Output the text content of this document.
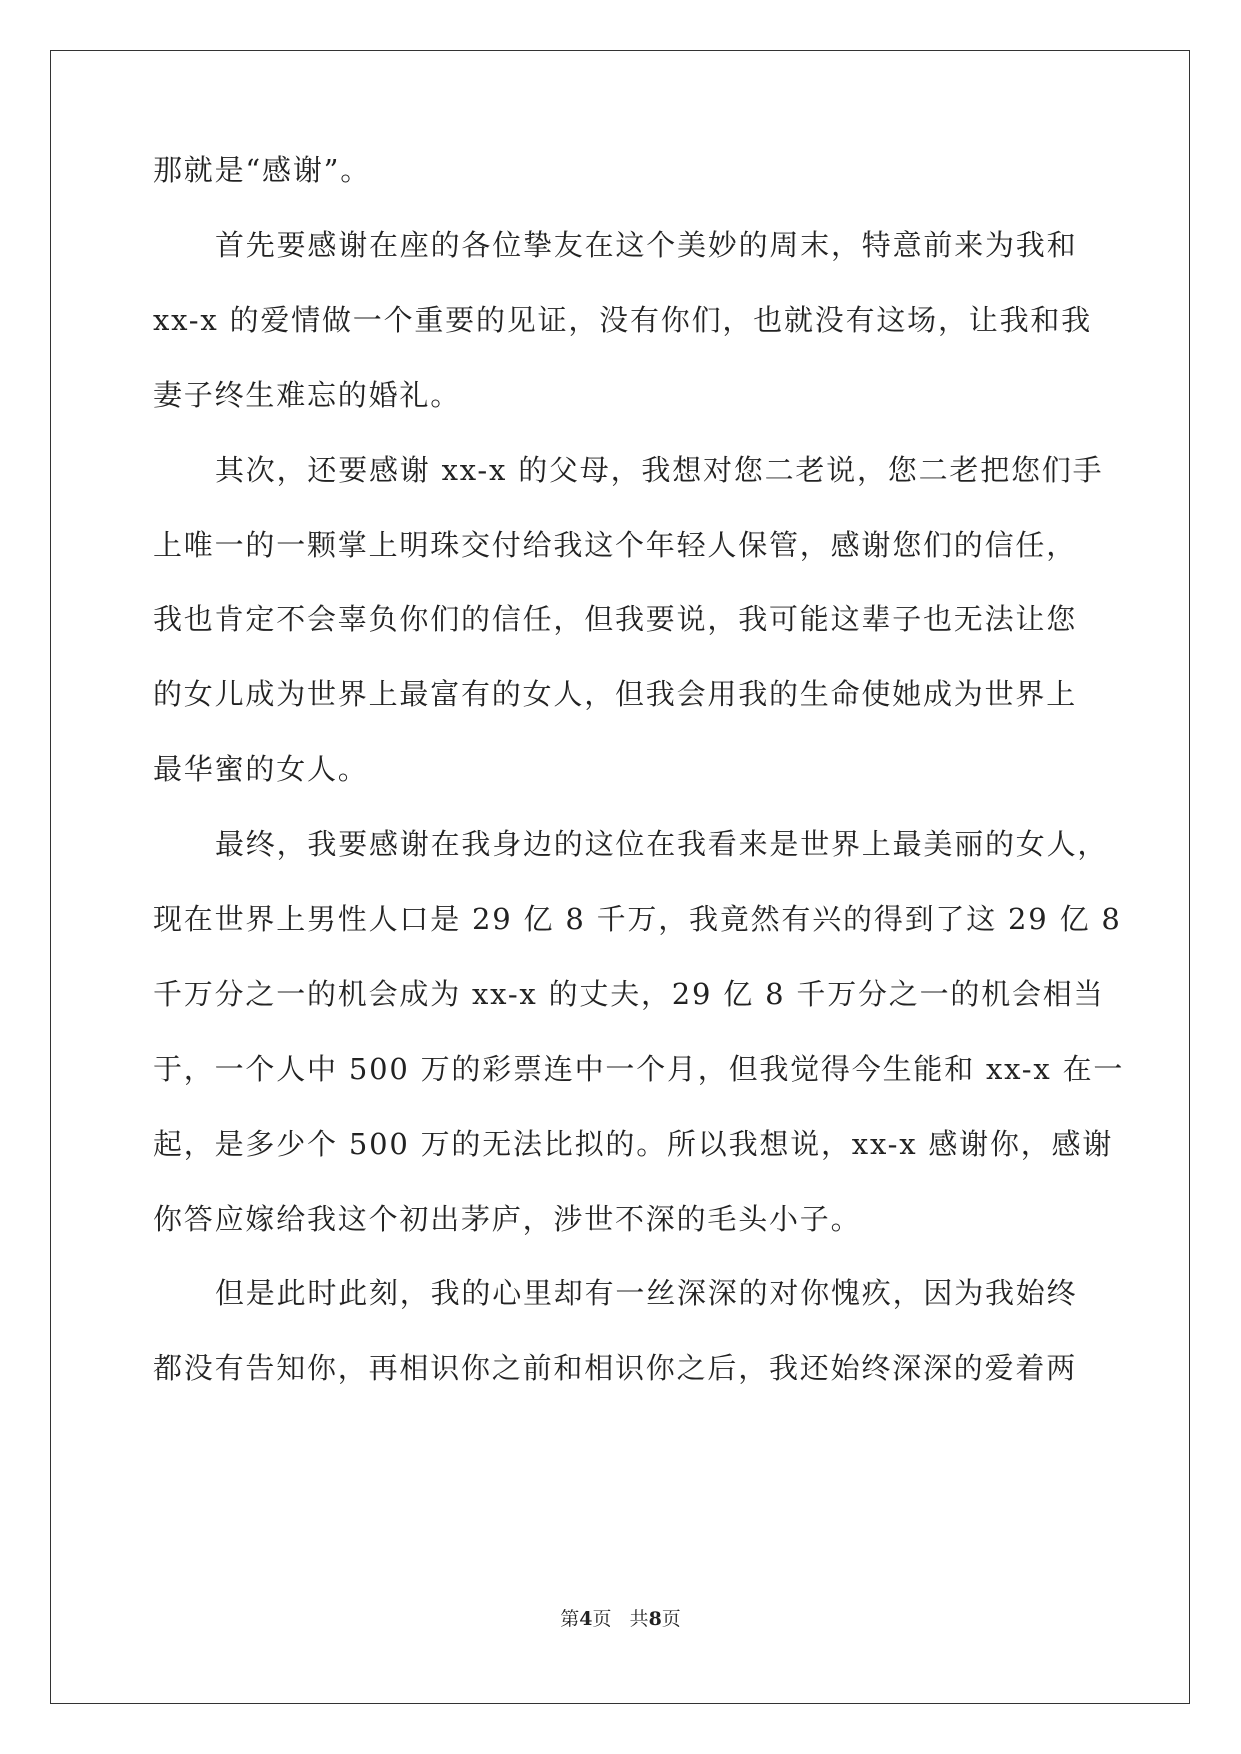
那就是“感谢”。
首先要感谢在座的各位挚友在这个美妙的周末，特意前来为我和
xx-x 的爱情做一个重要的见证，没有你们，也就没有这场，让我和我
妻子终生难忘的婚礼。
其次，还要感谢 xx-x 的父母，我想对您二老说，您二老把您们手
上唯一的一颗掌上明珠交付给我这个年轻人保管，感谢您们的信任，
我也肯定不会辜负你们的信任，但我要说，我可能这辈子也无法让您
的女儿成为世界上最富有的女人，但我会用我的生命使她成为世界上
最华蜜的女人。
最终，我要感谢在我身边的这位在我看来是世界上最美丽的女人，
现在世界上男性人口是 29 亿 8 千万，我竟然有兴的得到了这 29 亿 8
千万分之一的机会成为 xx-x 的丈夫，29 亿 8 千万分之一的机会相当
于，一个人中 500 万的彩票连中一个月，但我觉得今生能和 xx-x 在一
起，是多少个 500 万的无法比拟的。所以我想说，xx-x 感谢你，感谢
你答应嫁给我这个初出茅庐，涉世不深的毛头小子。
但是此时此刻，我的心里却有一丝深深的对你愧疚，因为我始终
都没有告知你，再相识你之前和相识你之后，我还始终深深的爱着两
第4页   共8页
